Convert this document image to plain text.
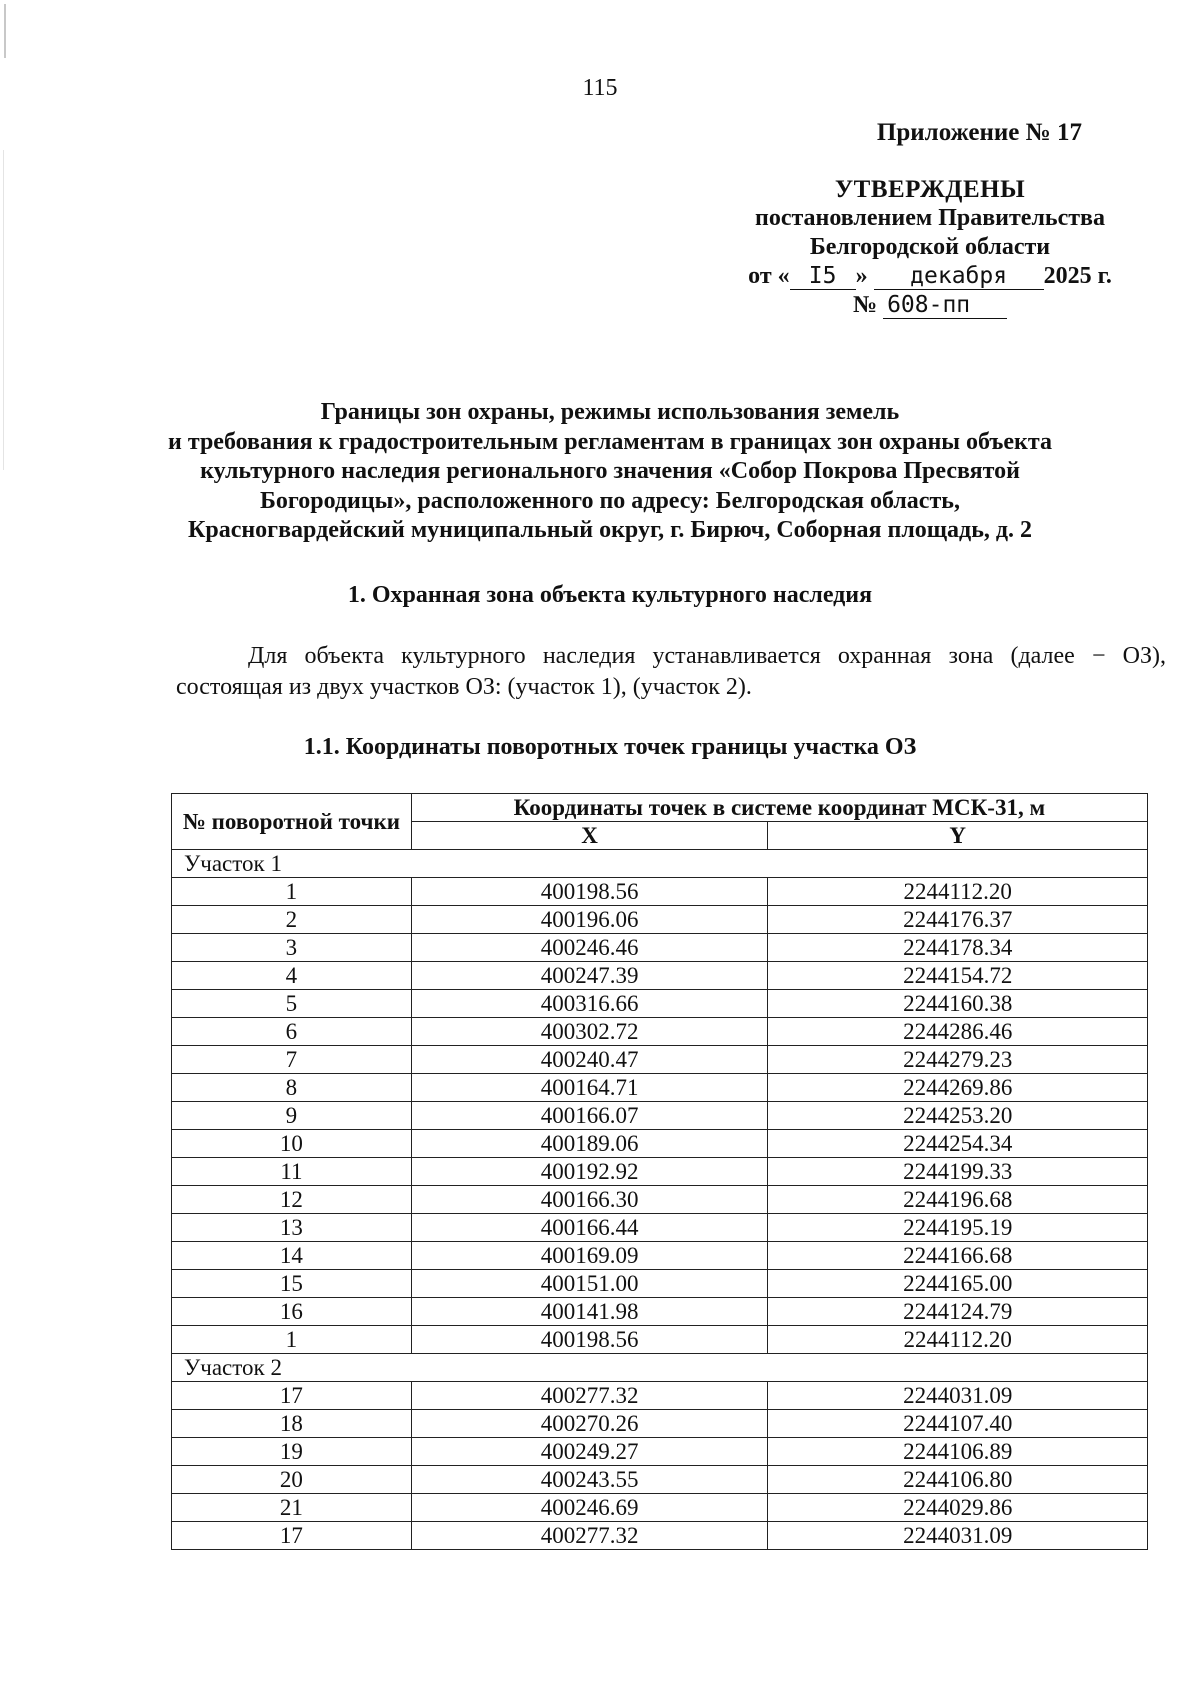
115
Приложение № 17
УТВЕРЖДЕНЫ
постановлением Правительства
Белгородской области
от « I5 » декабря 2025 г.
№ 608-пп
Границы зон охраны, режимы использования земель
и требования к градостроительным регламентам в границах зон охраны объекта
культурного наследия регионального значения «Собор Покрова Пресвятой
Богородицы», расположенного по адресу: Белгородская область,
Красногвардейский муниципальный округ, г. Бирюч, Соборная площадь, д. 2
1. Охранная зона объекта культурного наследия
Для объекта культурного наследия устанавливается охранная зона (далее − ОЗ), состоящая из двух участков ОЗ: (участок 1), (участок 2).
1.1. Координаты поворотных точек границы участка ОЗ
№ поворотной точки	Координаты точек в системе координат МСК-31, м	
	X	Y
Участок 1		
1	400198.56	2244112.20
2	400196.06	2244176.37
3	400246.46	2244178.34
4	400247.39	2244154.72
5	400316.66	2244160.38
6	400302.72	2244286.46
7	400240.47	2244279.23
8	400164.71	2244269.86
9	400166.07	2244253.20
10	400189.06	2244254.34
11	400192.92	2244199.33
12	400166.30	2244196.68
13	400166.44	2244195.19
14	400169.09	2244166.68
15	400151.00	2244165.00
16	400141.98	2244124.79
1	400198.56	2244112.20
Участок 2		
17	400277.32	2244031.09
18	400270.26	2244107.40
19	400249.27	2244106.89
20	400243.55	2244106.80
21	400246.69	2244029.86
17	400277.32	2244031.09
